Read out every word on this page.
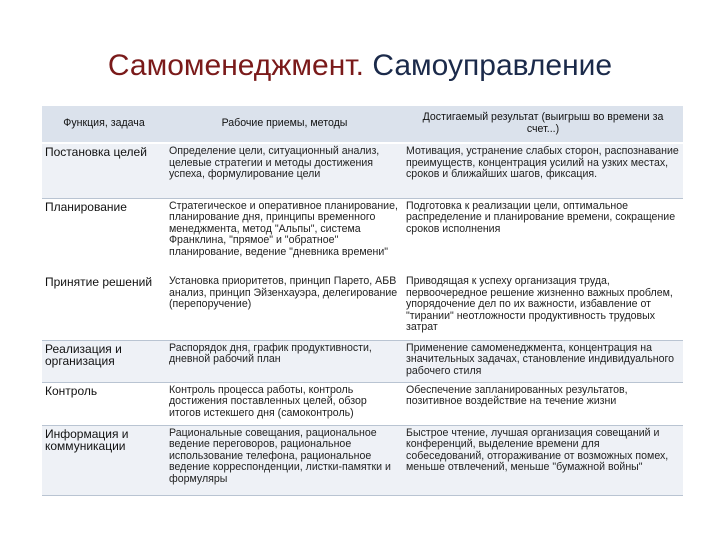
Самоменеджмент. Самоуправление
Функция, задача	Рабочие приемы, методы	Достигаемый результат (выигрыш во времени за счет...)
Постановка целей	Определение цели, ситуационный анализ, целевые стратегии и методы достижения успеха, формулирование цели	Мотивация, устранение слабых сторон, распознавание преимуществ, концентрация усилий на узких местах, сроков и ближайших шагов, фиксация.
Планирование	Стратегическое и оперативное планирование, планирование дня, принципы временного менеджмента, метод "Альпы", система Франклина, "прямое" и "обратное" планирование, ведение "дневника времени"	Подготовка к реализации цели, оптимальное распределение и планирование времени, сокращение сроков исполнения
Принятие решений	Установка приоритетов, принцип Парето, АБВ анализ, принцип Эйзенхауэра, делегирование (перепоручение)	Приводящая к успеху организация труда, первоочередное решение жизненно важных проблем, упорядочение дел по их важности, избавление от "тирании" неотложности продуктивность трудовых затрат
Реализация и организация	Распорядок дня, график продуктивности, дневной рабочий план	Применение самоменеджмента, концентрация на значительных задачах, становление индивидуального рабочего стиля
Контроль	Контроль процесса работы, контроль достижения поставленных целей, обзор итогов истекшего дня (самоконтроль)	Обеспечение запланированных результатов, позитивное воздействие на течение жизни
Информация и коммуникации	Рациональные совещания, рациональное ведение переговоров, рациональное использование телефона, рациональное ведение корреспонденции, листки-памятки и формуляры	Быстрое чтение, лучшая организация совещаний и конференций, выделение времени для собеседований, отгораживание от возможных помех, меньше отвлечений, меньше "бумажной войны"
